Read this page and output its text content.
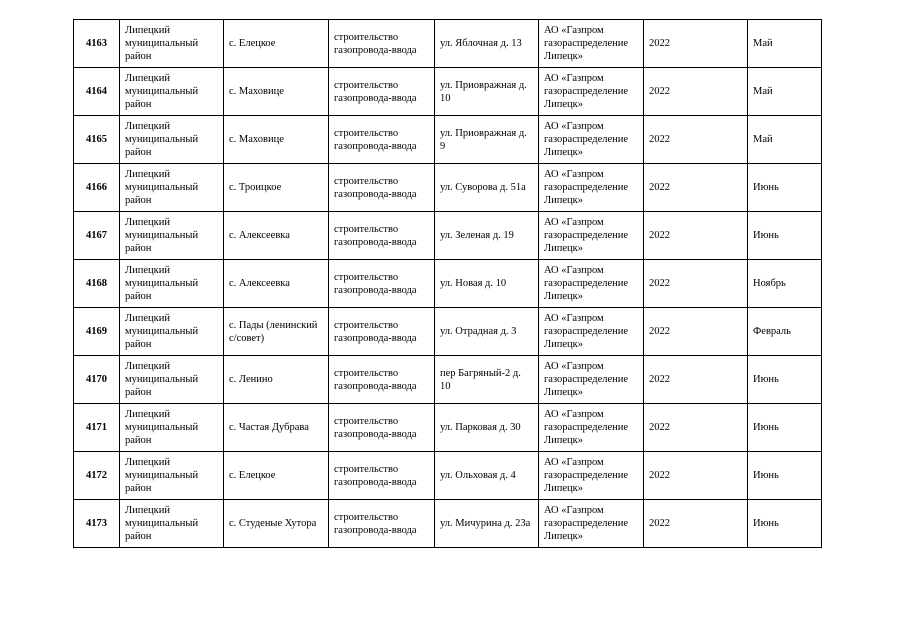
4163	Липецкий муниципальный район	с. Елецкое	строительство газопровода-ввода	ул. Яблочная д. 13	АО «Газпром газораспределение Липецк»	2022	Май
4164	Липецкий муниципальный район	с. Маховице	строительство газопровода-ввода	ул. Приовражная д. 10	АО «Газпром газораспределение Липецк»	2022	Май
4165	Липецкий муниципальный район	с. Маховице	строительство газопровода-ввода	ул. Приовражная д. 9	АО «Газпром газораспределение Липецк»	2022	Май
4166	Липецкий муниципальный район	с. Троицкое	строительство газопровода-ввода	ул. Суворова д. 51а	АО «Газпром газораспределение Липецк»	2022	Июнь
4167	Липецкий муниципальный район	с. Алексеевка	строительство газопровода-ввода	ул. Зеленая д. 19	АО «Газпром газораспределение Липецк»	2022	Июнь
4168	Липецкий муниципальный район	с. Алексеевка	строительство газопровода-ввода	ул. Новая д. 10	АО «Газпром газораспределение Липецк»	2022	Ноябрь
4169	Липецкий муниципальный район	с. Пады (ленинский с/совет)	строительство газопровода-ввода	ул. Отрадная д. 3	АО «Газпром газораспределение Липецк»	2022	Февраль
4170	Липецкий муниципальный район	с. Ленино	строительство газопровода-ввода	пер Багряный-2 д. 10	АО «Газпром газораспределение Липецк»	2022	Июнь
4171	Липецкий муниципальный район	с. Частая Дубрава	строительство газопровода-ввода	ул. Парковая д. 30	АО «Газпром газораспределение Липецк»	2022	Июнь
4172	Липецкий муниципальный район	с. Елецкое	строительство газопровода-ввода	ул. Ольховая д. 4	АО «Газпром газораспределение Липецк»	2022	Июнь
4173	Липецкий муниципальный район	с. Студеные Хутора	строительство газопровода-ввода	ул. Мичурина д. 23а	АО «Газпром газораспределение Липецк»	2022	Июнь
